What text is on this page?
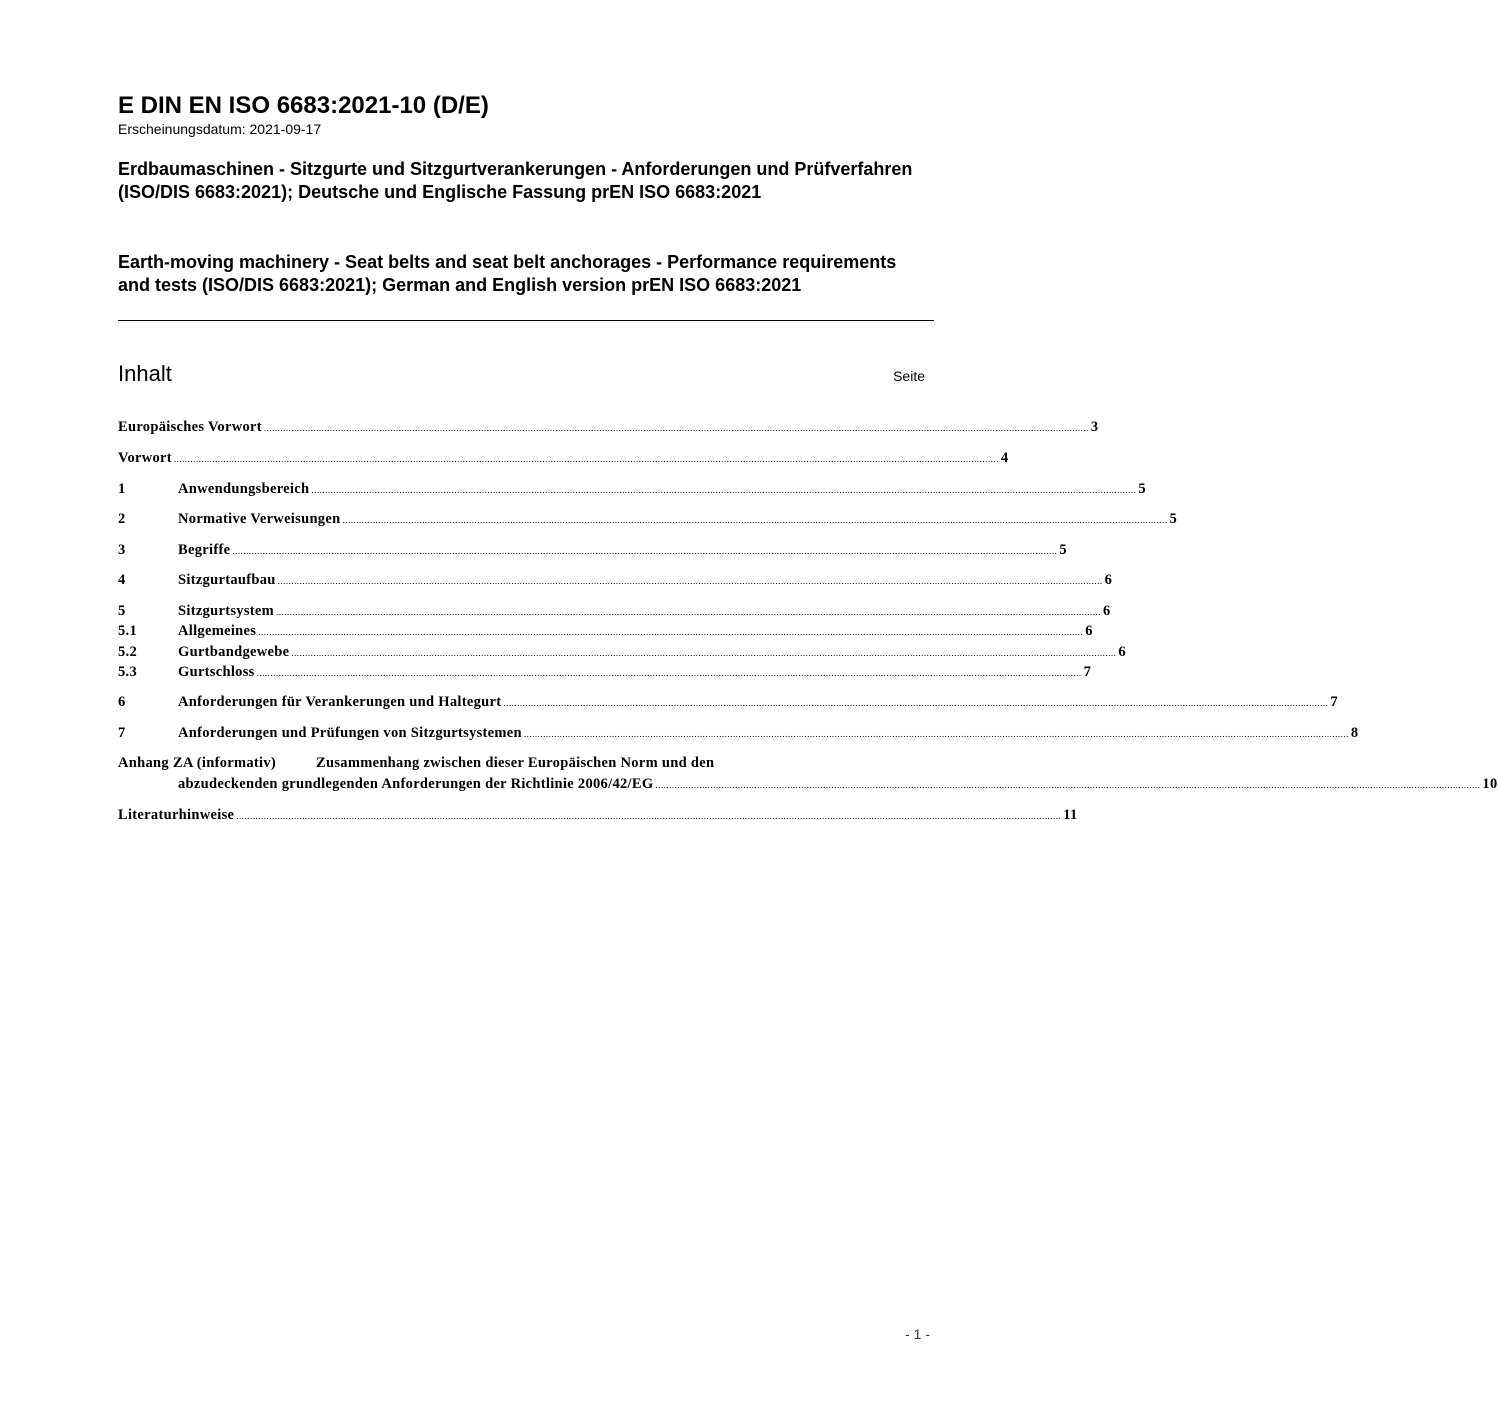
E DIN EN ISO 6683:2021-10 (D/E)
Erscheinungsdatum: 2021-09-17
Erdbaumaschinen - Sitzgurte und Sitzgurtverankerungen - Anforderungen und Prüfverfahren (ISO/DIS 6683:2021); Deutsche und Englische Fassung prEN ISO 6683:2021
Earth-moving machinery - Seat belts and seat belt anchorages - Performance requirements and tests (ISO/DIS 6683:2021); German and English version prEN ISO 6683:2021
Inhalt	Seite
Europäisches Vorwort ............................................................................................................................................................................................................................................................................................................ 3
Vorwort ............................................................................................................................................................................................................................................................................................................ 4
1	Anwendungsbereich ............................................................................................................................................................................................................................................................................................................ 5
2	Normative Verweisungen ............................................................................................................................................................................................................................................................................................................ 5
3	Begriffe ............................................................................................................................................................................................................................................................................................................ 5
4	Sitzgurtaufbau ............................................................................................................................................................................................................................................................................................................ 6
5	Sitzgurtsystem ............................................................................................................................................................................................................................................................................................................ 6
5.1	Allgemeines ............................................................................................................................................................................................................................................................................................................ 6
5.2	Gurtbandgewebe ............................................................................................................................................................................................................................................................................................................ 6
5.3	Gurtschloss ............................................................................................................................................................................................................................................................................................................ 7
6	Anforderungen für Verankerungen und Haltegurt ............................................................................................................................................................................................................................................................................................................ 7
7	Anforderungen und Prüfungen von Sitzgurtsystemen ............................................................................................................................................................................................................................................................................................................ 8
Anhang ZA (informativ)	Zusammenhang zwischen dieser Europäischen Norm und den
abzudeckenden grundlegenden Anforderungen der Richtlinie 2006/42/EG ............................................................................................................................................................................................................................................................................................................ 10
Literaturhinweise ............................................................................................................................................................................................................................................................................................................ 11
- 1 -
